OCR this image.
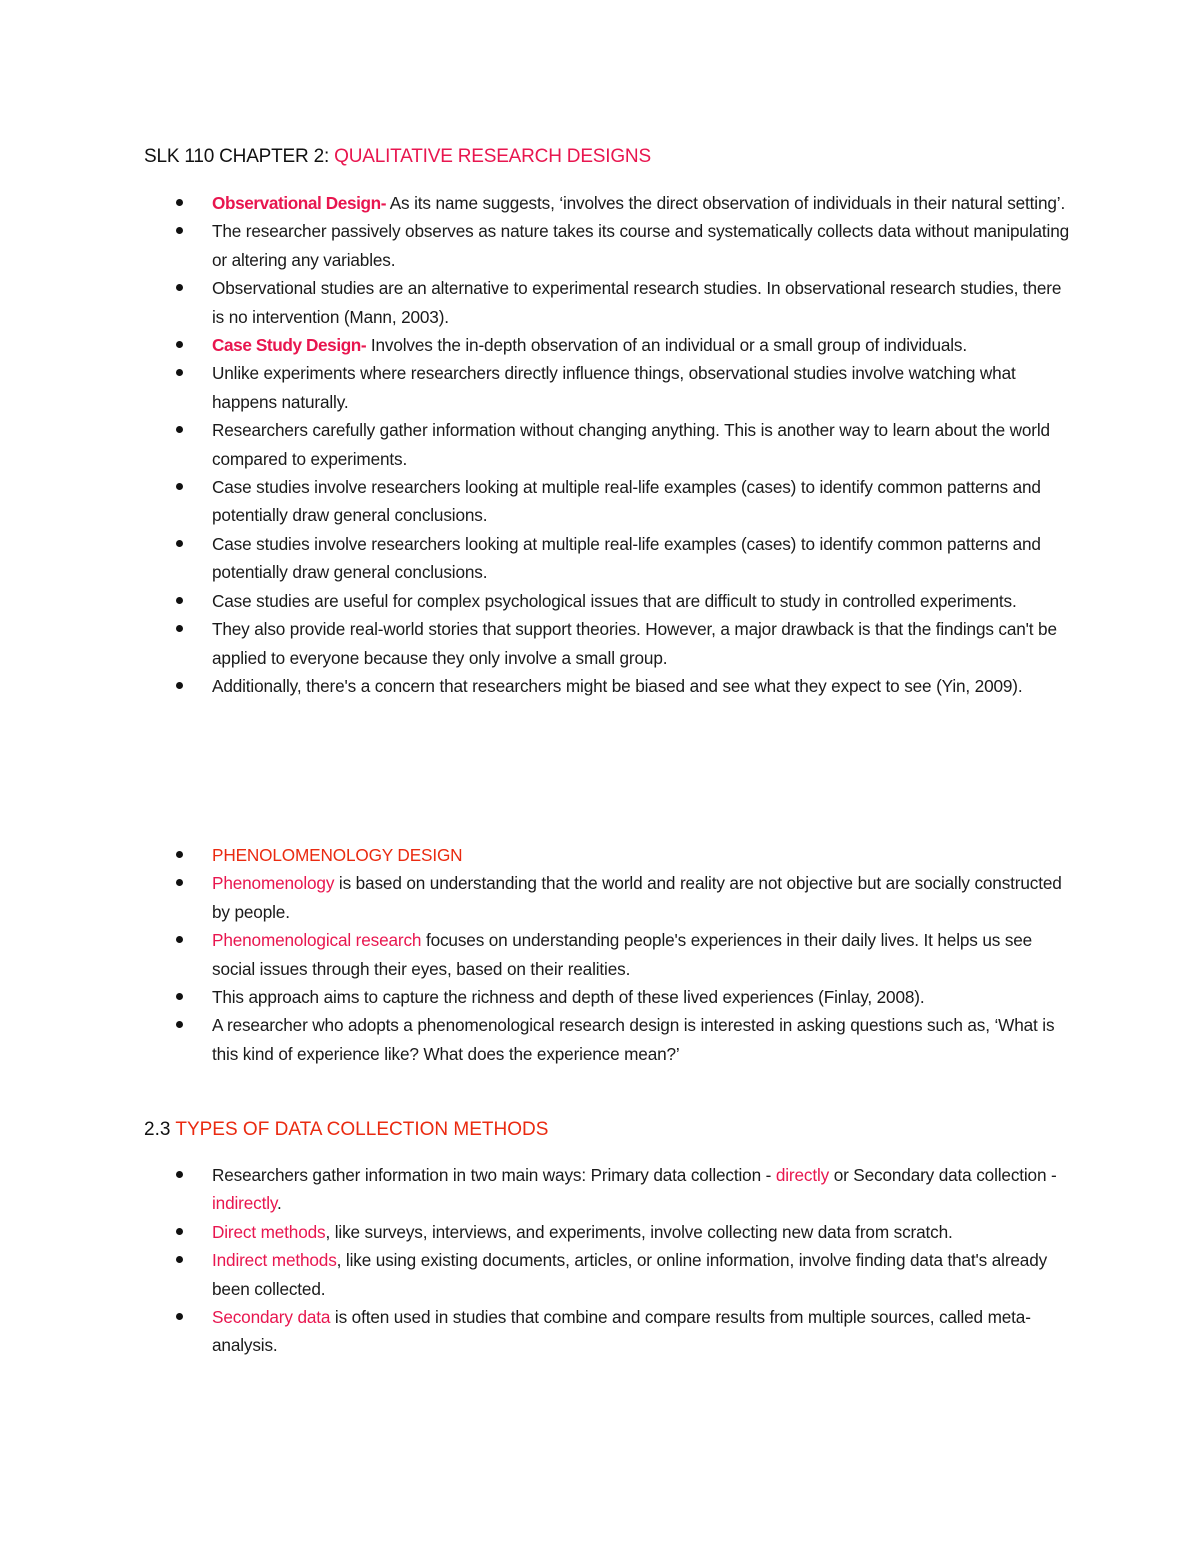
SLK 110 CHAPTER 2: QUALITATIVE RESEARCH DESIGNS
Observational Design- As its name suggests, ‘involves the direct observation of individuals in their natural setting’.
The researcher passively observes as nature takes its course and systematically collects data without manipulating or altering any variables.
Observational studies are an alternative to experimental research studies. In observational research studies, there is no intervention (Mann, 2003).
Case Study Design- Involves the in-depth observation of an individual or a small group of individuals.
Unlike experiments where researchers directly influence things, observational studies involve watching what happens naturally.
Researchers carefully gather information without changing anything. This is another way to learn about the world compared to experiments.
Case studies involve researchers looking at multiple real-life examples (cases) to identify common patterns and potentially draw general conclusions.
Case studies involve researchers looking at multiple real-life examples (cases) to identify common patterns and potentially draw general conclusions.
Case studies are useful for complex psychological issues that are difficult to study in controlled experiments.
They also provide real-world stories that support theories. However, a major drawback is that the findings can't be applied to everyone because they only involve a small group.
Additionally, there's a concern that researchers might be biased and see what they expect to see (Yin, 2009).
PHENOLOMENOLOGY DESIGN
Phenomenology is based on understanding that the world and reality are not objective but are socially constructed by people.
Phenomenological research focuses on understanding people's experiences in their daily lives. It helps us see social issues through their eyes, based on their realities.
This approach aims to capture the richness and depth of these lived experiences (Finlay, 2008).
A researcher who adopts a phenomenological research design is interested in asking questions such as, ‘What is this kind of experience like? What does the experience mean?’
2.3 TYPES OF DATA COLLECTION METHODS
Researchers gather information in two main ways: Primary data collection - directly or Secondary data collection - indirectly.
Direct methods, like surveys, interviews, and experiments, involve collecting new data from scratch.
Indirect methods, like using existing documents, articles, or online information, involve finding data that's already been collected.
Secondary data is often used in studies that combine and compare results from multiple sources, called meta-analysis.
